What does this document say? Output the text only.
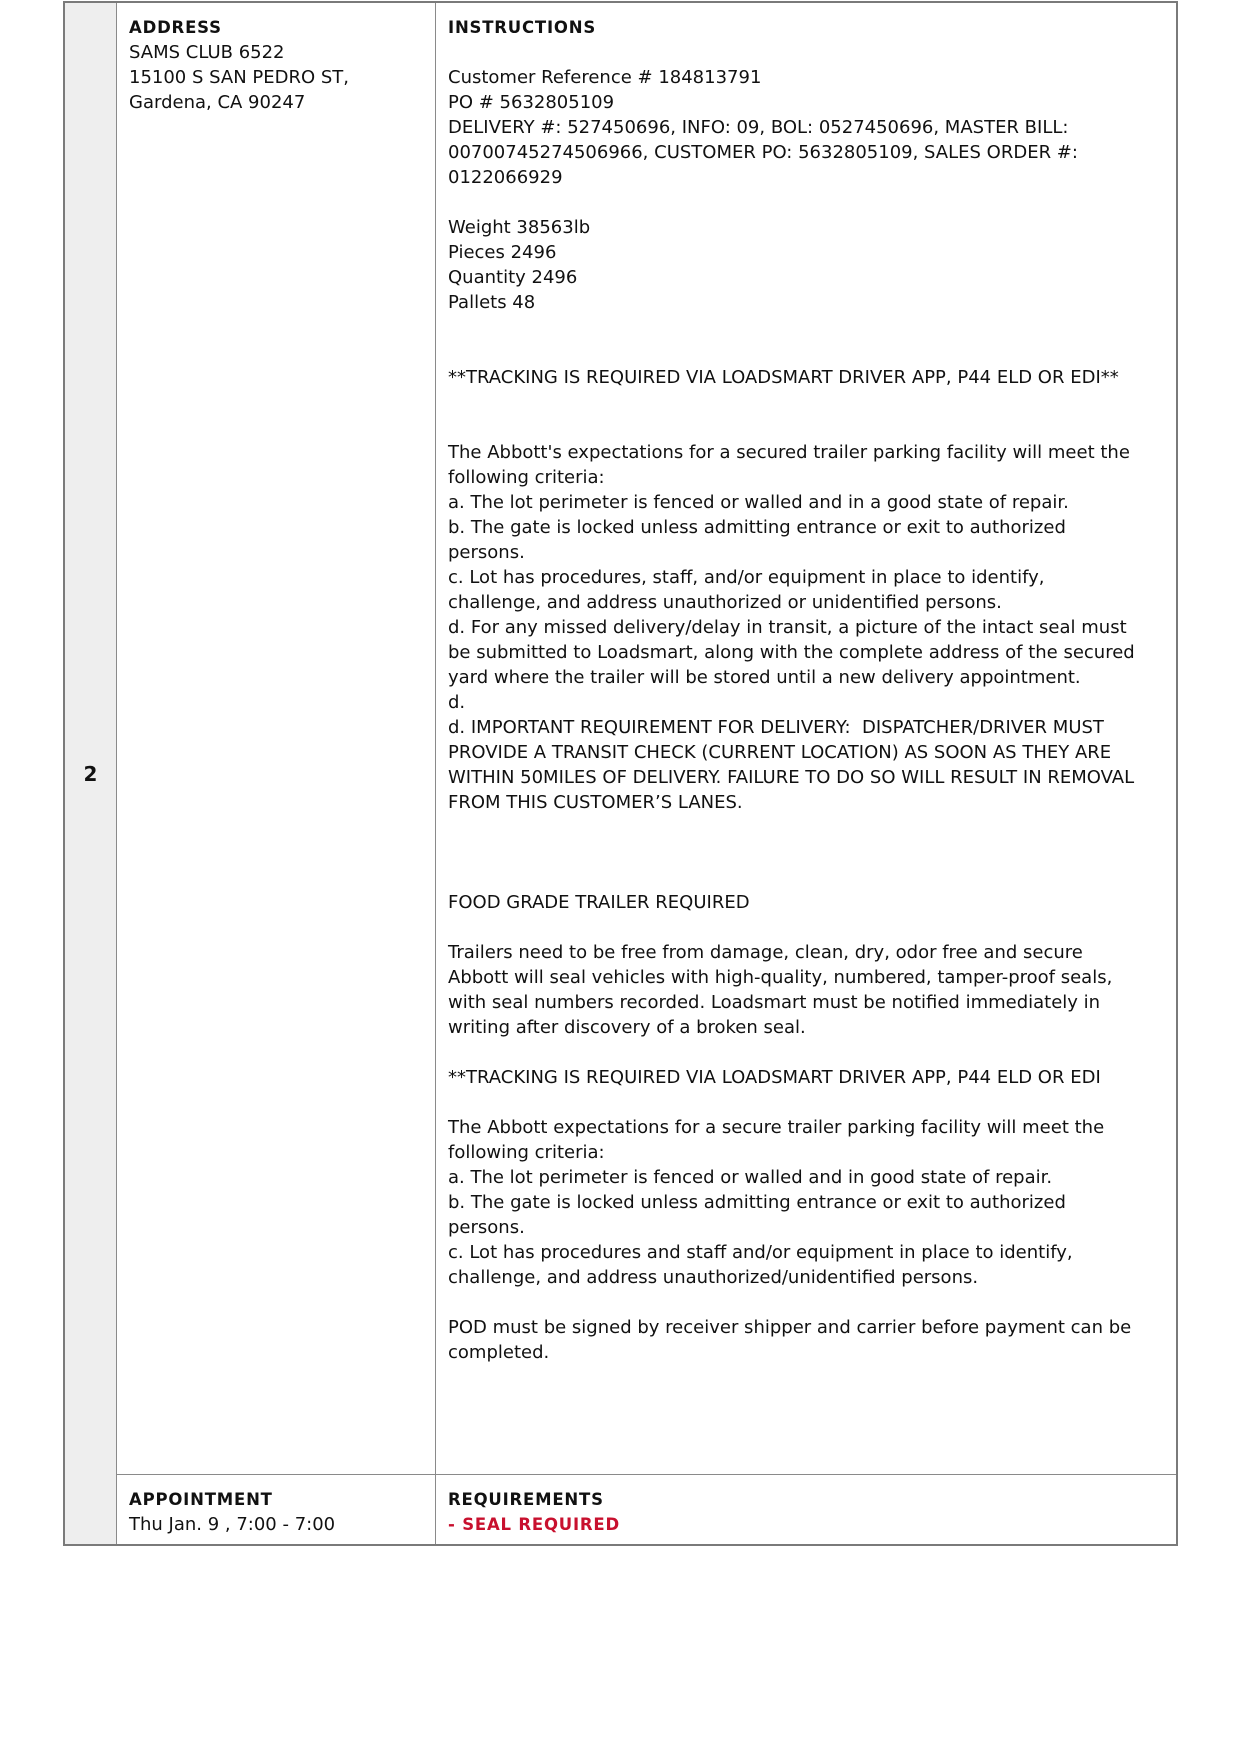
2
ADDRESS
SAMS CLUB 6522
15100 S SAN PEDRO ST,
Gardena, CA 90247
INSTRUCTIONS
Customer Reference # 184813791
PO # 5632805109
DELIVERY #: 527450696, INFO: 09, BOL: 0527450696, MASTER BILL: 00700745274506966, CUSTOMER PO: 5632805109, SALES ORDER #: 0122066929
Weight 38563lb
Pieces 2496
Quantity 2496
Pallets 48
**TRACKING IS REQUIRED VIA LOADSMART DRIVER APP, P44 ELD OR EDI**
The Abbott's expectations for a secured trailer parking facility will meet the following criteria:
a. The lot perimeter is fenced or walled and in a good state of repair.
b. The gate is locked unless admitting entrance or exit to authorized persons.
c. Lot has procedures, staff, and/or equipment in place to identify, challenge, and address unauthorized or unidentified persons.
d. For any missed delivery/delay in transit, a picture of the intact seal must be submitted to Loadsmart, along with the complete address of the secured yard where the trailer will be stored until a new delivery appointment.
d.
d. IMPORTANT REQUIREMENT FOR DELIVERY:  DISPATCHER/DRIVER MUST PROVIDE A TRANSIT CHECK (CURRENT LOCATION) AS SOON AS THEY ARE WITHIN 50MILES OF DELIVERY. FAILURE TO DO SO WILL RESULT IN REMOVAL FROM THIS CUSTOMER’S LANES.
FOOD GRADE TRAILER REQUIRED
Trailers need to be free from damage, clean, dry, odor free and secure Abbott will seal vehicles with high-quality, numbered, tamper-proof seals, with seal numbers recorded. Loadsmart must be notified immediately in writing after discovery of a broken seal.
**TRACKING IS REQUIRED VIA LOADSMART DRIVER APP, P44 ELD OR EDI
The Abbott expectations for a secure trailer parking facility will meet the following criteria:
a. The lot perimeter is fenced or walled and in good state of repair.
b. The gate is locked unless admitting entrance or exit to authorized persons.
c. Lot has procedures and staff and/or equipment in place to identify, challenge, and address unauthorized/unidentified persons.
POD must be signed by receiver shipper and carrier before payment can be completed.
APPOINTMENT
Thu Jan. 9 , 7:00 - 7:00
REQUIREMENTS
- SEAL REQUIRED
